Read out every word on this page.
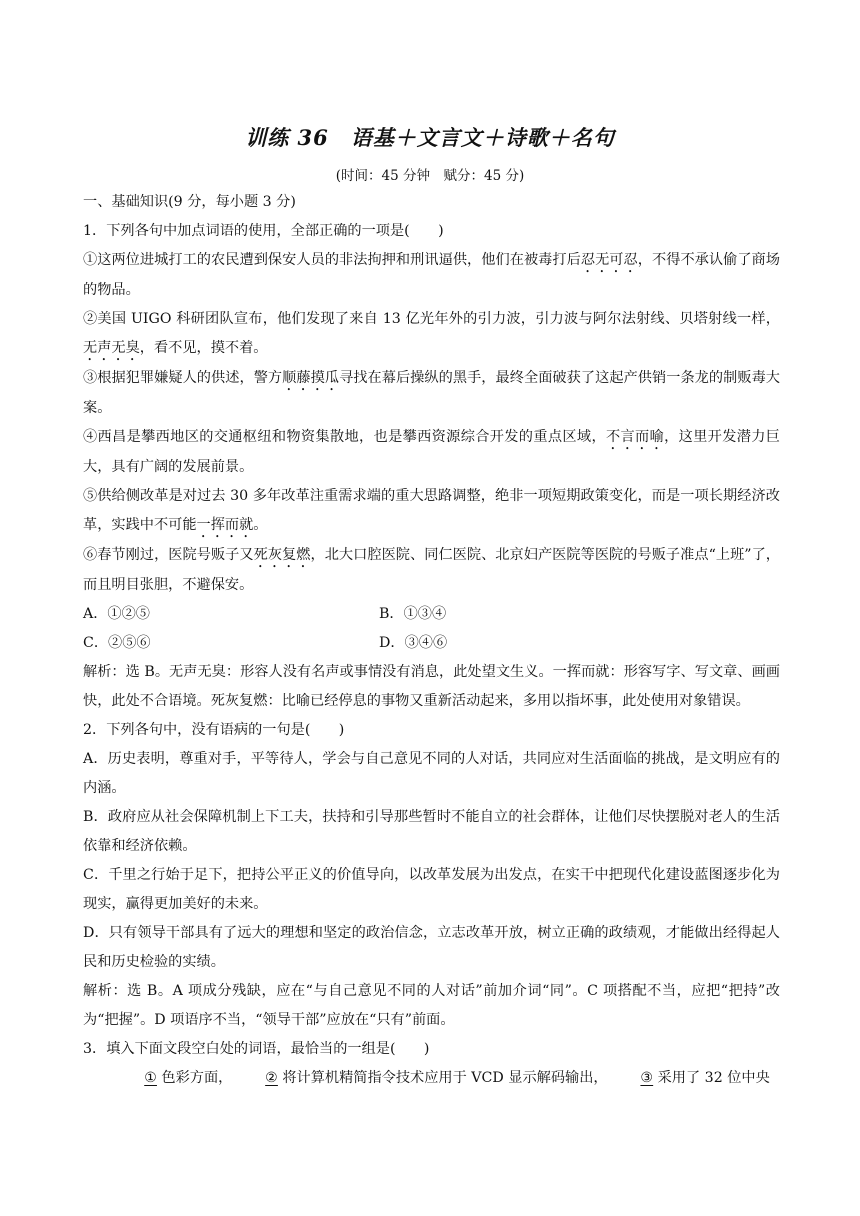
训练 36　语基＋文言文＋诗歌＋名句
(时间：45 分钟　赋分：45 分)

一、基础知识(9 分，每小题 3 分)

1．下列各句中加点词语的使用，全部正确的一项是(　　)

①这两位进城打工的农民遭到保安人员的非法拘押和刑讯逼供，他们在被毒打后忍无可忍，不得不承认偷了商场的物品。

②美国 UIGO 科研团队宣布，他们发现了来自 13 亿光年外的引力波，引力波与阿尔法射线、贝塔射线一样，无声无臭，看不见，摸不着。

③根据犯罪嫌疑人的供述，警方顺藤摸瓜寻找在幕后操纵的黑手，最终全面破获了这起产供销一条龙的制贩毒大案。

④西昌是攀西地区的交通枢纽和物资集散地，也是攀西资源综合开发的重点区域，不言而喻，这里开发潜力巨大，具有广阔的发展前景。

⑤供给侧改革是对过去 30 多年改革注重需求端的重大思路调整，绝非一项短期政策变化，而是一项长期经济改革，实践中不可能一挥而就。

⑥春节刚过，医院号贩子又死灰复燃，北大口腔医院、同仁医院、北京妇产医院等医院的号贩子准点“上班”了，而且明目张胆，不避保安。

A．①②⑤	B．①③④
C．②⑤⑥	D．③④⑥

解析：选 B。无声无臭：形容人没有名声或事情没有消息，此处望文生义。一挥而就：形容写字、写文章、画画快，此处不合语境。死灰复燃：比喻已经停息的事物又重新活动起来，多用以指坏事，此处使用对象错误。

2．下列各句中，没有语病的一句是(　　)

A．历史表明，尊重对手，平等待人，学会与自己意见不同的人对话，共同应对生活面临的挑战，是文明应有的内涵。

B．政府应从社会保障机制上下工夫，扶持和引导那些暂时不能自立的社会群体，让他们尽快摆脱对老人的生活依靠和经济依赖。

C．千里之行始于足下，把持公平正义的价值导向，以改革发展为出发点，在实干中把现代化建设蓝图逐步化为现实，赢得更加美好的未来。

D．只有领导干部具有了远大的理想和坚定的政治信念，立志改革开放，树立正确的政绩观，才能做出经得起人民和历史检验的实绩。

解析：选 B。A 项成分残缺，应在“与自己意见不同的人对话”前加介词“同”。C 项搭配不当，应把“把持”改为“把握”。D 项语序不当，“领导干部”应放在“只有”前面。

3．填入下面文段空白处的词语，最恰当的一组是(　　)

① 色彩方面， ② 将计算机精简指令技术应用于 VCD 显示解码输出， ③ 采用了 32 位中央
